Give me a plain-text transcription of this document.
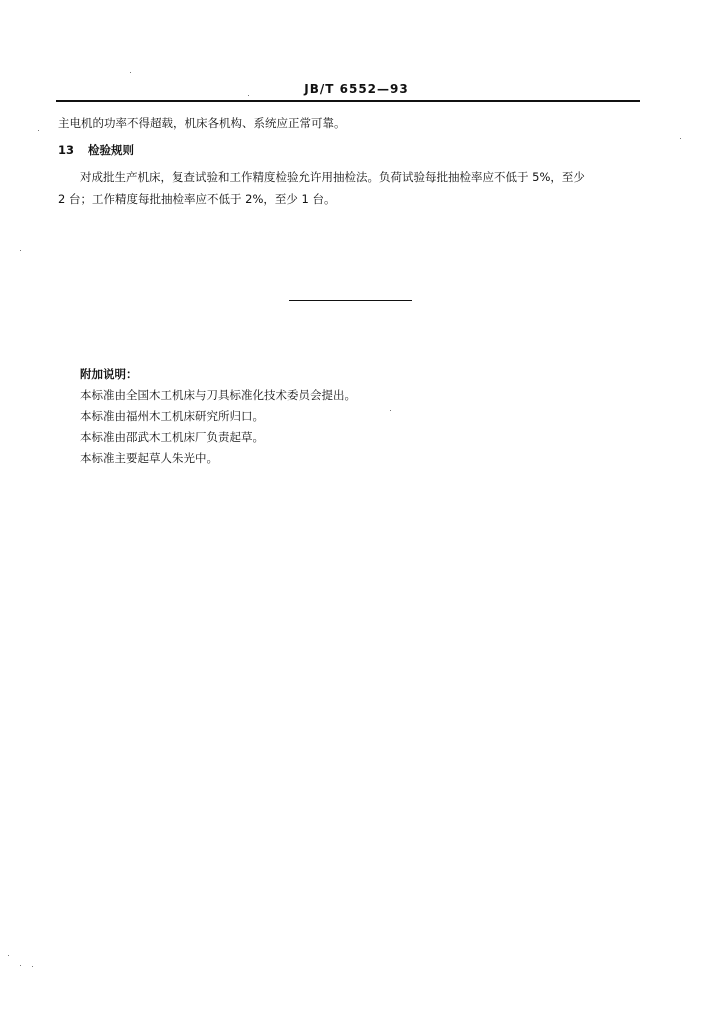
JB/T 6552—93
主电机的功率不得超载，机床各机构、系统应正常可靠。
13 检验规则
对成批生产机床，复查试验和工作精度检验允许用抽检法。负荷试验每批抽检率应不低于 5%，至少
2 台；工作精度每批抽检率应不低于 2%，至少 1 台。
附加说明：
本标准由全国木工机床与刀具标准化技术委员会提出。
本标准由福州木工机床研究所归口。
本标准由邵武木工机床厂负责起草。
本标准主要起草人朱光中。
